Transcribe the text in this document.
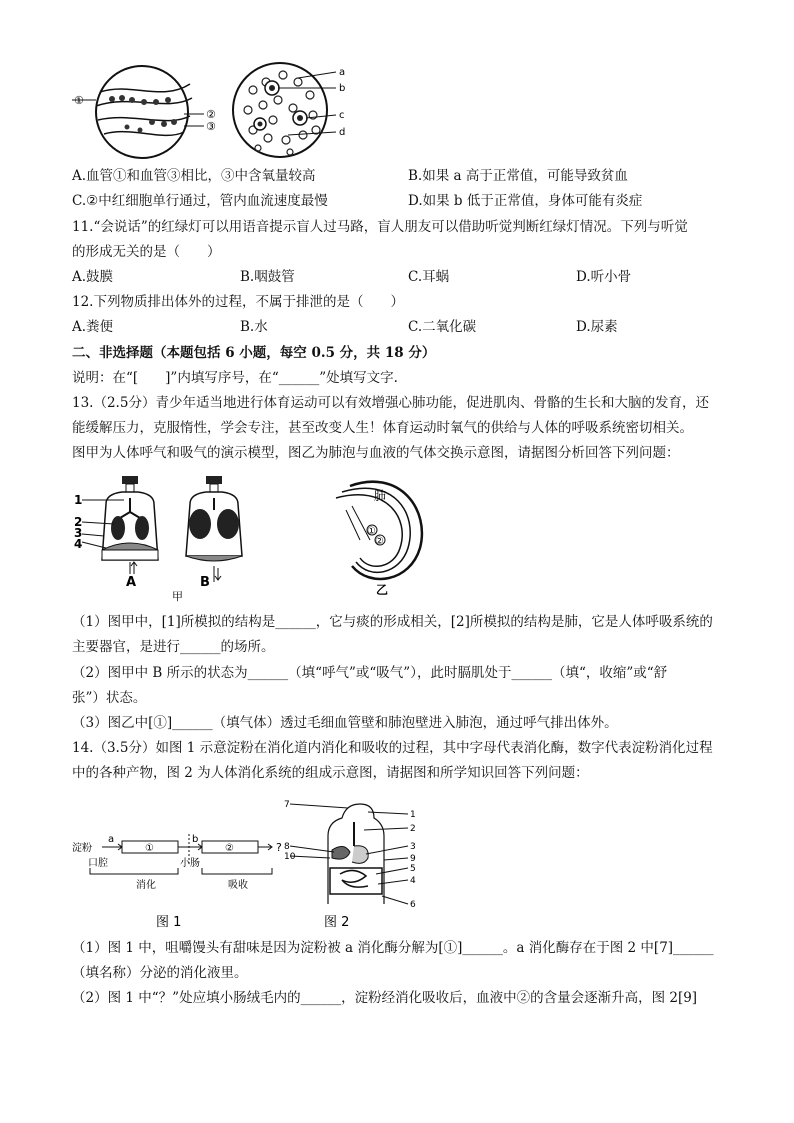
①
②
③
a
b
c
d
A.血管①和血管③相比，③中含氧量较高	B.如果 a 高于正常值，可能导致贫血
C.②中红细胞单行通过，管内血流速度最慢	D.如果 b 低于正常值，身体可能有炎症
11.“会说话”的红绿灯可以用语音提示盲人过马路，盲人朋友可以借助听觉判断红绿灯情况。下列与听觉
的形成无关的是（　　）
A.鼓膜	B.咽鼓管	C.耳蜗	D.听小骨
12.下列物质排出体外的过程，不属于排泄的是（　　）
A.粪便	B.水	C.二氧化碳	D.尿素
二、非选择题（本题包括 6 小题，每空 0.5 分，共 18 分）
说明：在“[　　]”内填写序号，在“______”处填写文字.
13.（2.5分）青少年适当地进行体育运动可以有效增强心肺功能，促进肌肉、骨骼的生长和大脑的发育，还
能缓解压力，克服惰性，学会专注，甚至改变人生！体育运动时氧气的供给与人体的呼吸系统密切相关。
图甲为人体呼气和吸气的演示模型，图乙为肺泡与血液的气体交换示意图，请据图分析回答下列问题：
1
2
3
4
A	B
甲
肺
①
②
乙
（1）图甲中，[1]所模拟的结构是______，它与痰的形成相关，[2]所模拟的结构是肺，它是人体呼吸系统的
主要器官，是进行______的场所。
（2）图甲中 B 所示的状态为______（填“呼气”或“吸气”），此时膈肌处于______（填“，收缩”或“舒
张”）状态。
（3）图乙中[①]______（填气体）透过毛细血管壁和肺泡壁进入肺泡，通过呼气排出体外。
14.（3.5分）如图 1 示意淀粉在消化道内消化和吸收的过程，其中字母代表消化酶，数字代表淀粉消化过程
中的各种产物，图 2 为人体消化系统的组成示意图，请据图和所学知识回答下列问题：
淀粉
a
①
b
②	?
口腔	小肠
消化	吸收
图 1
7
1
2
3
9
5
4
6
8
10
图 2
（1）图 1 中，咀嚼馒头有甜味是因为淀粉被 a 消化酶分解为[①]______。a 消化酶存在于图 2 中[7]______
（填名称）分泌的消化液里。
（2）图 1 中“？”处应填小肠绒毛内的______，淀粉经消化吸收后，血液中②的含量会逐渐升高，图 2[9]
